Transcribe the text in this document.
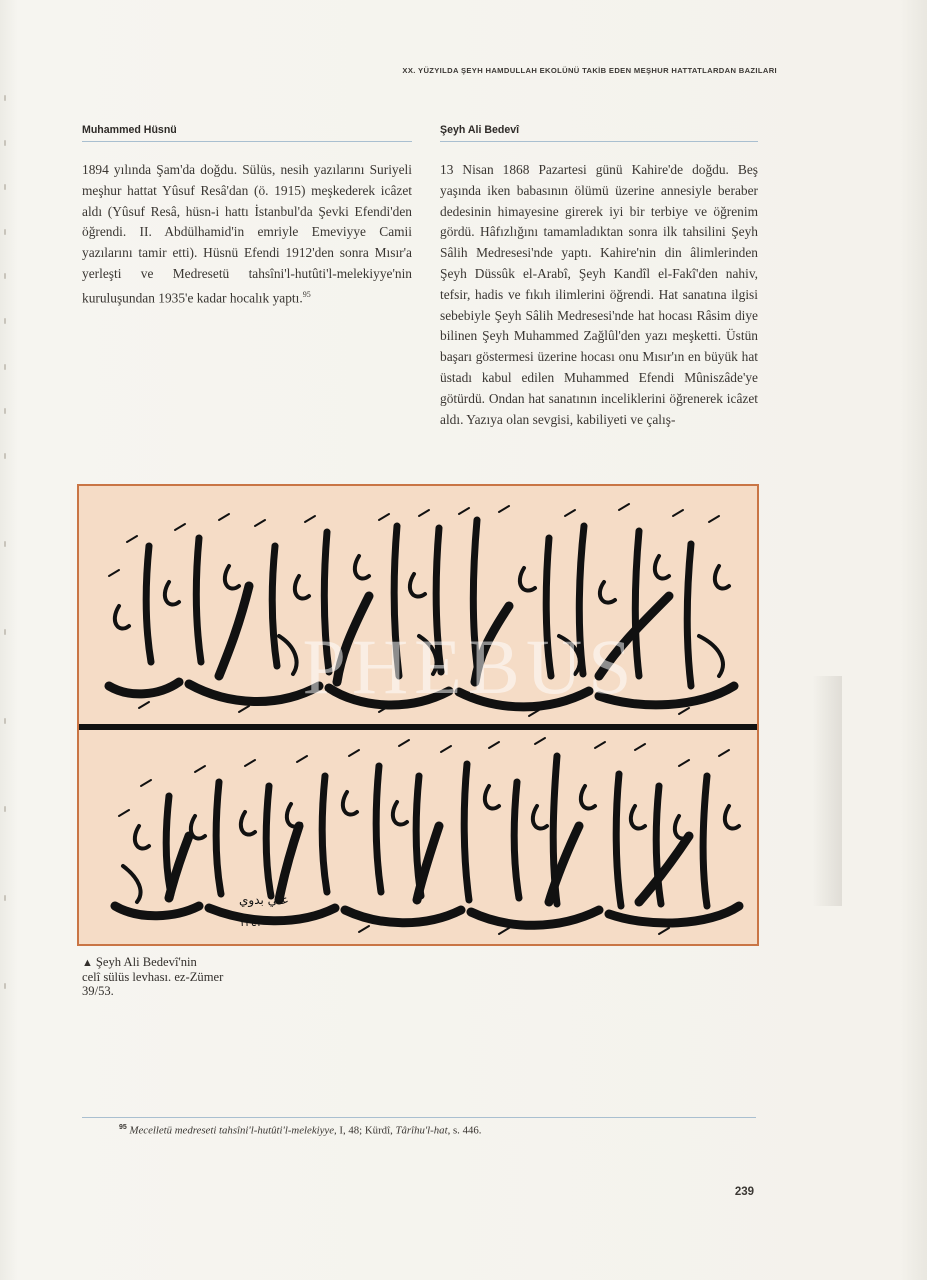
XX. YÜZYILDA ŞEYH HAMDULLAH EKOLÜNÜ TAKİB EDEN MEŞHUR HATTATLARDAN BAZILARI
Muhammed Hüsnü

1894 yılında Şam'da doğdu. Sülüs, nesih yazılarını Suriyeli meşhur hattat Yûsuf Resâ'dan (ö. 1915) meşkederek icâzet aldı (Yûsuf Resâ, hüsn-i hattı İstanbul'da Şevki Efendi'den öğrendi. II. Abdülhamid'in emriyle Emeviyye Camii yazılarını tamir etti). Hüsnü Efendi 1912'den sonra Mısır'a yerleşti ve Medresetü tahsîni'l-hutûti'l-melekiyye'nin kuruluşundan 1935'e kadar hocalık yaptı.$^{95}$

Şeyh Ali Bedevî

13 Nisan 1868 Pazartesi günü Kahire'de doğdu. Beş yaşında iken babasının ölümü üzerine annesiyle beraber dedesinin himayesine girerek iyi bir terbiye ve öğrenim gördü. Hâfızlığını tamamladıktan sonra ilk tahsilini Şeyh Sâlih Medresesi'nde yaptı. Kahire'nin din âlimlerinden Şeyh Düssûk el-Arabî, Şeyh Kandîl el-Fakî'den nahiv, tefsir, hadis ve fıkıh ilimlerini öğrendi. Hat sanatına ilgisi sebebiyle Şeyh Sâlih Medresesi'nde hat hocası Râsim diye bilinen Şeyh Muhammed Zağlûl'den yazı meşketti. Üstün başarı göstermesi üzerine hocası onu Mısır'ın en büyük hat üstadı kabul edilen Muhammed Efendi Mûniszâde'ye götürdü. Ondan hat sanatının inceliklerini öğrenerek icâzet aldı. Yazıya olan sevgisi, kabiliyeti ve çalış-

علي بدوي
١٣٤٣
PHEBUS
▲ Şeyh Ali Bedevî'nin
celî sülüs levhası. ez-Zümer
39/53.
$^{95}$ Mecelletü medreseti tahsîni'l-hutûti'l-melekiyye, I, 48; Kürdî, Târîhu'l-hat, s. 446.
239
